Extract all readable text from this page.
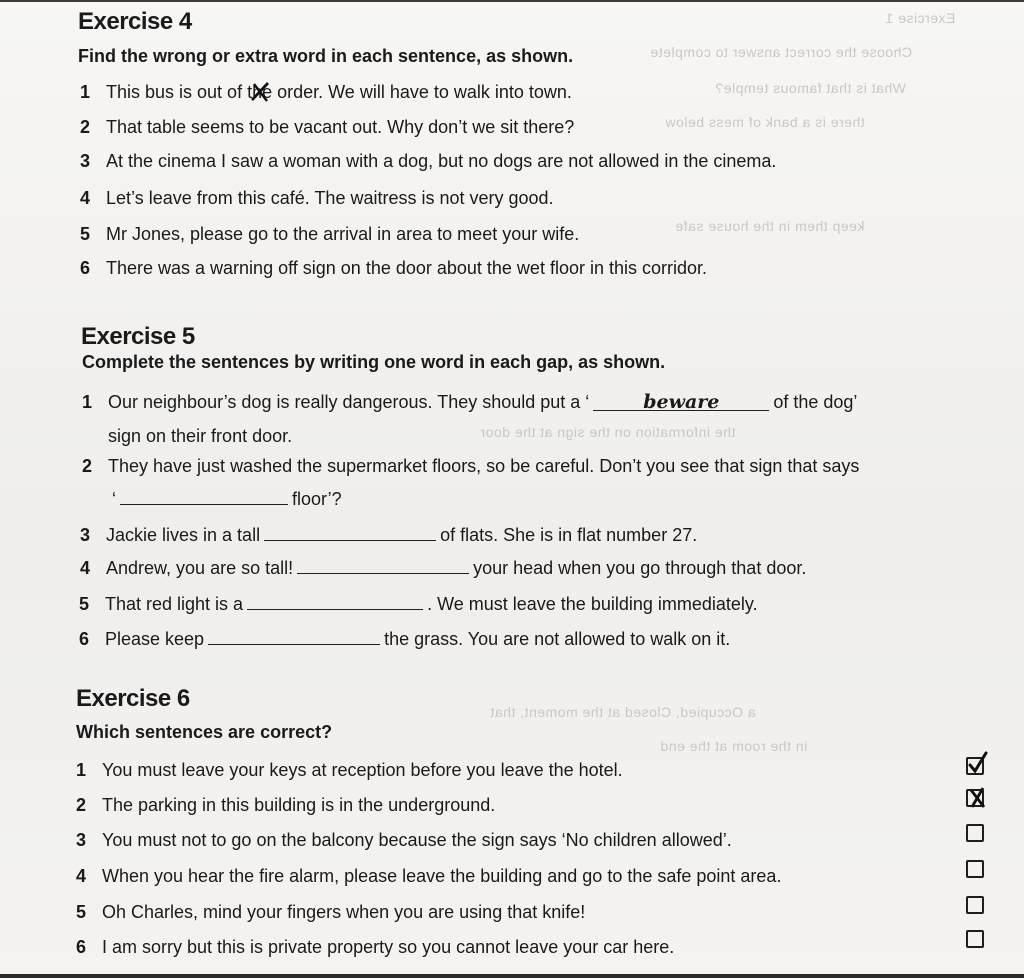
Exercise 1
Choose the correct answer to complete
What is that famous temple?
there is a bank of mess below
keep them in the house safe
the information on the sign at the door
a Occupied, Closed at the moment, that
in the room at the end
Exercise 4
Find the wrong or extra word in each sentence, as shown.
1 This bus is out of the
order. We will have to walk into town.
2 That table seems to be vacant out. Why don’t we sit there?
3 At the cinema I saw a woman with a dog, but no dogs are not allowed in the cinema.
4 Let’s leave from this café. The waitress is not very good.
5 Mr Jones, please go to the arrival in area to meet your wife.
6 There was a warning off sign on the door about the wet floor in this corridor.
Exercise 5
Complete the sentences by writing one word in each gap, as shown.
1 Our neighbour’s dog is really dangerous. They should put a ‘	beware	of the dog’
sign on their front door.
2 They have just washed the supermarket floors, so be careful. Don’t you see that sign that says
‘	floor’?
3 Jackie lives in a tall	of flats. She is in flat number 27.
4 Andrew, you are so tall!	your head when you go through that door.
5 That red light is a	. We must leave the building immediately.
6 Please keep	the grass. You are not allowed to walk on it.
Exercise 6
Which sentences are correct?
1 You must leave your keys at reception before you leave the hotel.
2 The parking in this building is in the underground.
3 You must not to go on the balcony because the sign says ‘No children allowed’.
4 When you hear the fire alarm, please leave the building and go to the safe point area.
5 Oh Charles, mind your fingers when you are using that knife!
6 I am sorry but this is private property so you cannot leave your car here.
